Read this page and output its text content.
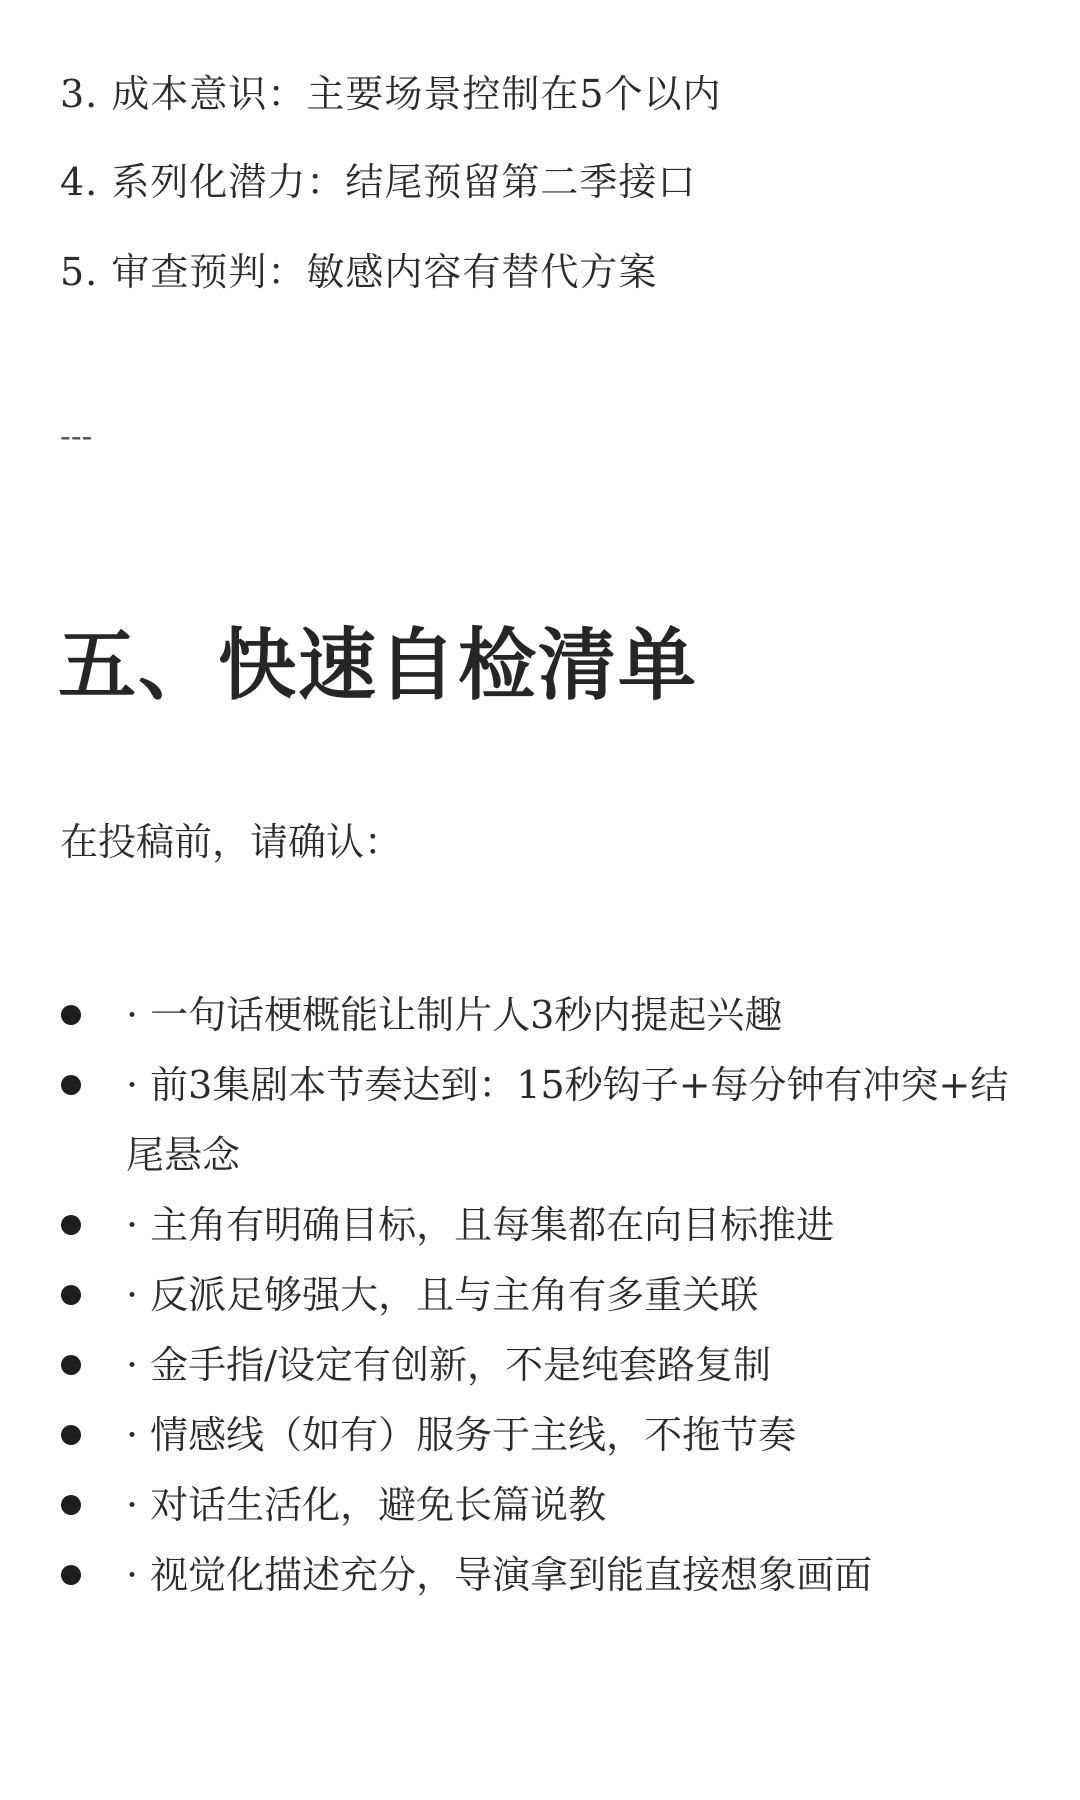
3. 成本意识：主要场景控制在5个以内
4. 系列化潜力：结尾预留第二季接口
5. 审查预判：敏感内容有替代方案
---
五、快速自检清单
在投稿前，请确认：
· 一句话梗概能让制片人3秒内提起兴趣
· 前3集剧本节奏达到：15秒钩子+每分钟有冲突+结尾悬念
· 主角有明确目标，且每集都在向目标推进
· 反派足够强大，且与主角有多重关联
· 金手指/设定有创新，不是纯套路复制
· 情感线（如有）服务于主线，不拖节奏
· 对话生活化，避免长篇说教
· 视觉化描述充分，导演拿到能直接想象画面
